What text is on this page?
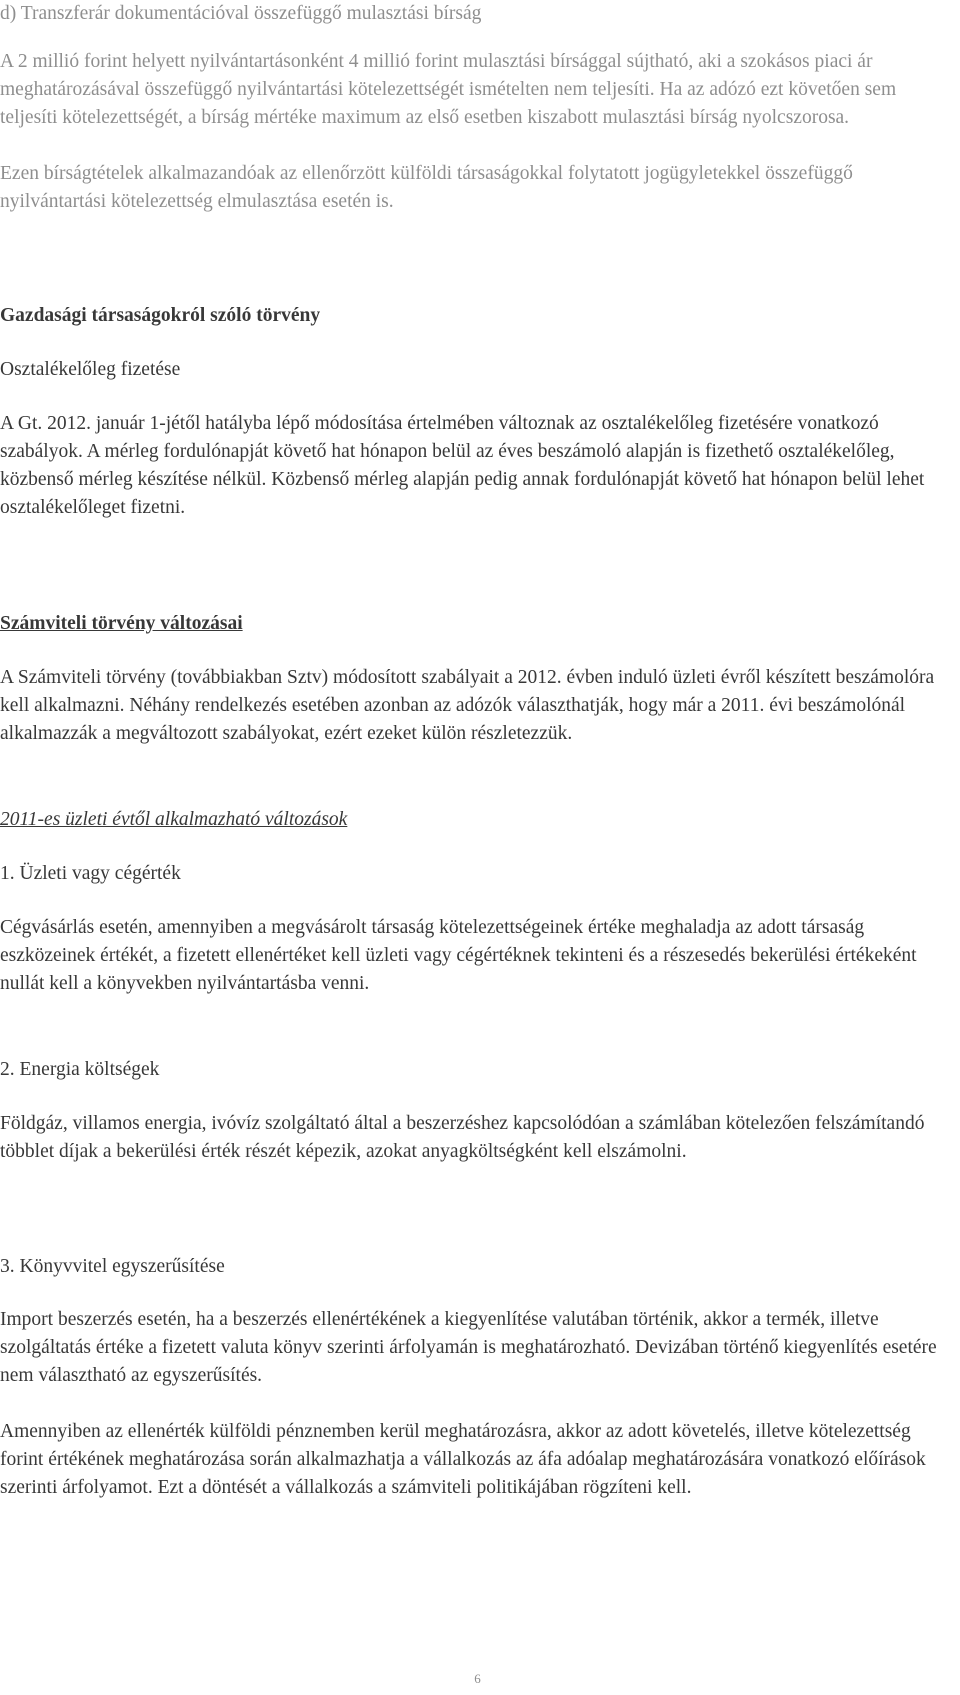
d) Transzferár dokumentációval összefüggő mulasztási bírság

A 2 millió forint helyett nyilvántartásonként 4 millió forint mulasztási bírsággal sújtható, aki a szokásos piaci ár meghatározásával összefüggő nyilvántartási kötelezettségét ismételten nem teljesíti. Ha az adózó ezt követően sem teljesíti kötelezettségét, a bírság mértéke maximum az első esetben kiszabott mulasztási bírság nyolcszorosa.

Ezen bírságtételek alkalmazandóak az ellenőrzött külföldi társaságokkal folytatott jogügyletekkel összefüggő nyilvántartási kötelezettség elmulasztása esetén is.

Gazdasági társaságokról szóló törvény

Osztalékelőleg fizetése

A Gt. 2012. január 1-jétől hatályba lépő módosítása értelmében változnak az osztalékelőleg fizetésére vonatkozó szabályok. A mérleg fordulónapját követő hat hónapon belül az éves beszámoló alapján is fizethető osztalékelőleg, közbenső mérleg készítése nélkül. Közbenső mérleg alapján pedig annak fordulónapját követő hat hónapon belül lehet osztalékelőleget fizetni.

Számviteli törvény változásai

A Számviteli törvény (továbbiakban Sztv) módosított szabályait a 2012. évben induló üzleti évről készített beszámolóra kell alkalmazni. Néhány rendelkezés esetében azonban az adózók választhatják, hogy már a 2011. évi beszámolónál alkalmazzák a megváltozott szabályokat, ezért ezeket külön részletezzük.

2011-es üzleti évtől alkalmazható változások

1. Üzleti vagy cégérték

Cégvásárlás esetén, amennyiben a megvásárolt társaság kötelezettségeinek értéke meghaladja az adott társaság eszközeinek értékét, a fizetett ellenértéket kell üzleti vagy cégértéknek tekinteni és a részesedés bekerülési értékeként nullát kell a könyvekben nyilvántartásba venni.

2. Energia költségek

Földgáz, villamos energia, ivóvíz szolgáltató által a beszerzéshez kapcsolódóan a számlában kötelezően felszámítandó többlet díjak a bekerülési érték részét képezik, azokat anyagköltségként kell elszámolni.

3. Könyvvitel egyszerűsítése

Import beszerzés esetén, ha a beszerzés ellenértékének a kiegyenlítése valutában történik, akkor a termék, illetve szolgáltatás értéke a fizetett valuta könyv szerinti árfolyamán is meghatározható. Devizában történő kiegyenlítés esetére nem választható az egyszerűsítés.

Amennyiben az ellenérték külföldi pénznemben kerül meghatározásra, akkor az adott követelés, illetve kötelezettség forint értékének meghatározása során alkalmazhatja a vállalkozás az áfa adóalap meghatározására vonatkozó előírások szerinti árfolyamot. Ezt a döntését a vállalkozás a számviteli politikájában rögzíteni kell.

6
